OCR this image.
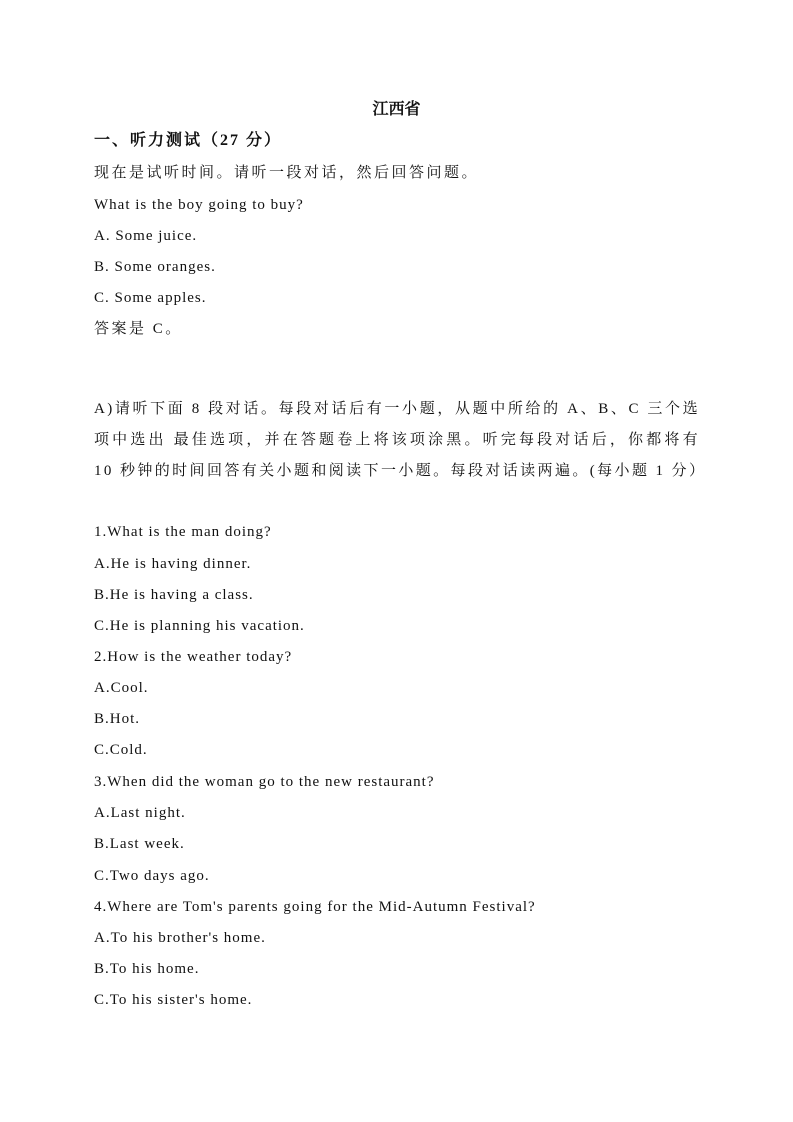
江西省
一、听力测试（27 分）
现在是试听时间。请听一段对话，然后回答问题。
What is the boy going to buy?
A. Some juice.
B. Some oranges.
C. Some apples.
答案是 C。
A)请听下面 8 段对话。每段对话后有一小题，从题中所给的 A、B、C 三个选项中选出 最佳选项，并在答题卷上将该项涂黑。听完每段对话后，你都将有 10 秒钟的时间回答有关小题和阅读下一小题。每段对话读两遍。(每小题 1 分）
1.What is the man doing?
A.He is having dinner.
B.He is having a class.
C.He is planning his vacation.
2.How is the weather today?
A.Cool.
B.Hot.
C.Cold.
3.When did the woman go to the new restaurant?
A.Last night.
B.Last week.
C.Two days ago.
4.Where are Tom's parents going for the Mid-Autumn Festival?
A.To his brother's home.
B.To his home.
C.To his sister's home.
